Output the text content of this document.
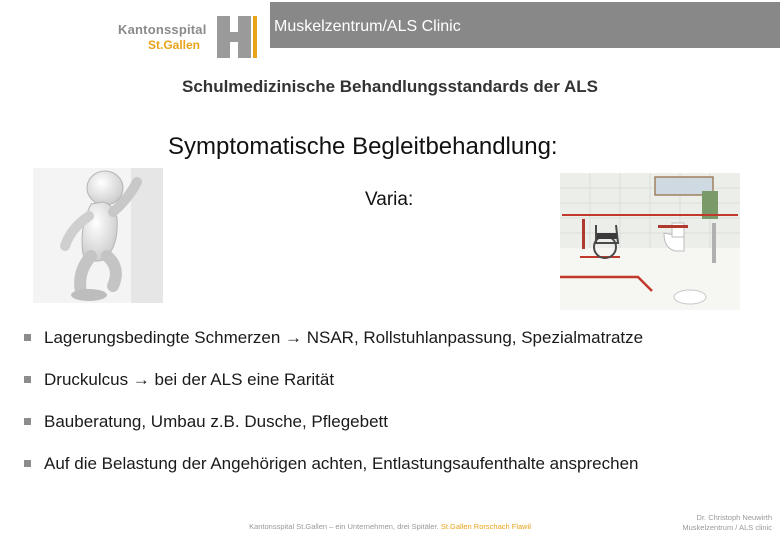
Kantonsspital
St.Gallen
Muskelzentrum/ALS Clinic
Schulmedizinische Behandlungsstandards der ALS
Symptomatische Begleitbehandlung:
Varia:
Lagerungsbedingte Schmerzen → NSAR, Rollstuhlanpassung, Spezialmatratze
Druckulcus → bei der ALS eine Rarität
Bauberatung, Umbau z.B. Dusche, Pflegebett
Auf die Belastung der Angehörigen achten, Entlastungsaufenthalte ansprechen
Kantonsspital St.Gallen – ein Unternehmen, drei Spitäler. St.Gallen Rorschach Flawil
Dr. Christoph Neuwirth
Muskelzentrum / ALS clinic
